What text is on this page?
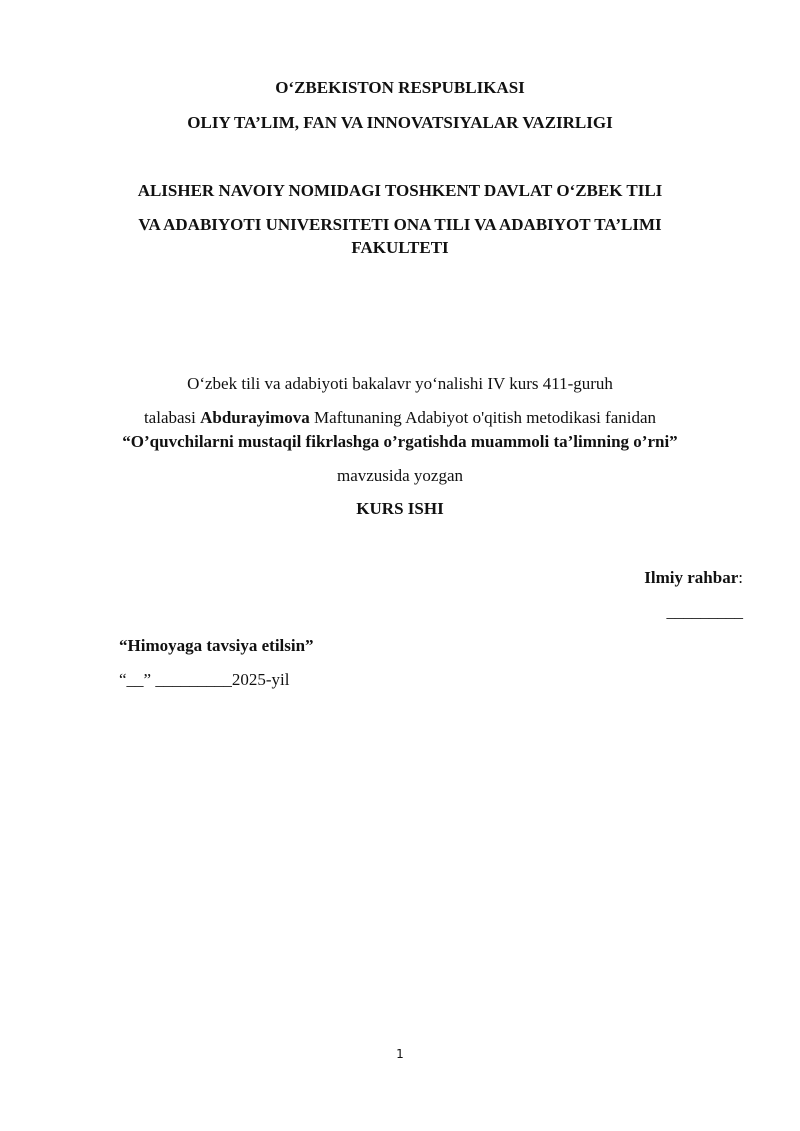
O‘ZBEKISTON RESPUBLIKASI
OLIY TA’LIM, FAN VA INNOVATSIYALAR VAZIRLIGI
ALISHER NAVOIY NOMIDAGI TOSHKENT DAVLAT O‘ZBEK TILI
VA ADABIYOTI UNIVERSITETI ONA TILI VA ADABIYOT TA’LIMI
FAKULTETI
O‘zbek tili va adabiyoti bakalavr yo‘nalishi IV kurs 411-guruh
talabasi Abdurayimova Maftunaning Adabiyot o'qitish metodikasi fanidan
“O’quvchilarni mustaqil fikrlashga o’rgatishda muammoli ta’limning o’rni”
mavzusida yozgan
KURS ISHI
Ilmiy rahbar:
_________
“Himoyaga tavsiya etilsin”
“__” _________2025-yil
1
